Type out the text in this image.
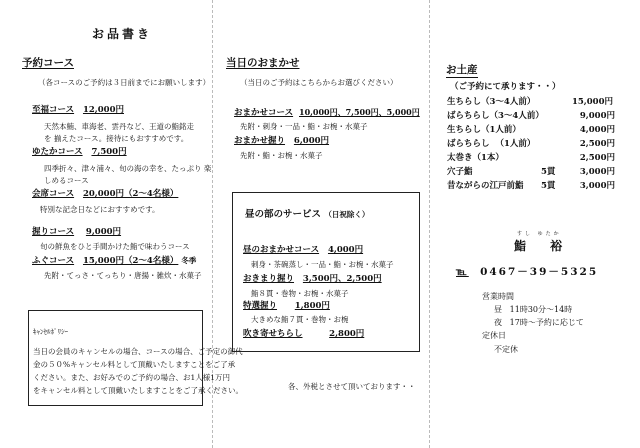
お品書き
予約コース
（各コースのご予約は３日前までにお願いします）
至福コース 12,000円
天然本鮪、車海老、雲丹など、王道の鮨銘走を 揃えたコース。接待にもおすすめです。
ゆたかコース 7,500円
四季折々、津々浦々、旬の海の幸を、たっぷり 楽しめるコース
会席コース 20,000円（2～4名様）
特別な記念日などにおすすめです。
握りコース 9,000円
旬の鮮魚をひと手間かけた鮨で味わうコース
ふぐコース 15,000円（2～4名様） 冬季
先附・てっさ・てっちり・唐揚・雑炊・水菓子
ｷｬﾝｾﾙﾎﾟﾘｼｰ
当日の会員のキャンセルの場合、コースの場合、ご予定の御代
金の５０%キャンセル料として頂戴いたしますことをご了承
ください。また、お好みでのご予約の場合、お1人様1万円
をキャンセル料として頂戴いたしますことをご了承ください。
当日のおまかせ
（当日のご予約はこちらからお選びください）
おまかせコース 10,000円、7,500円、5,000円
先附・刺身・一品・鮨・お椀・水菓子
おまかせ握り 6,000円
先附・鮨・お椀・水菓子
昼の部のサービス （日祝除く）
昼のおまかせコース 4,000円
刺身・茶碗蒸し・一品・鮨・お椀・水菓子
おきまり握り 3,500円、2,500円
鮨８貫・巻物・お椀・水菓子
特選握り 1,800円
大きめな鮨７貫・巻物・お椀
吹き寄せちらし	2,800円
各、外税とさせて頂いております・・
お土産
（ご予約にて承ります・・）
生ちらし（3～4人前）	15,000円
ばらちらし（3～4人前）	9,000円
生ちらし（1人前）	4,000円
ばらちらし （1人前）	2,500円
太巻き（1本）	2,500円
穴子鮨	5貫	3,000円
昔ながらの江戸前鮨 5貫	3,000円
すし ゆたか
鮨 裕
℡ 0467－39－5325
営業時間
昼 11時30分～14時
夜 17時～予約に応じて
定休日
不定休
